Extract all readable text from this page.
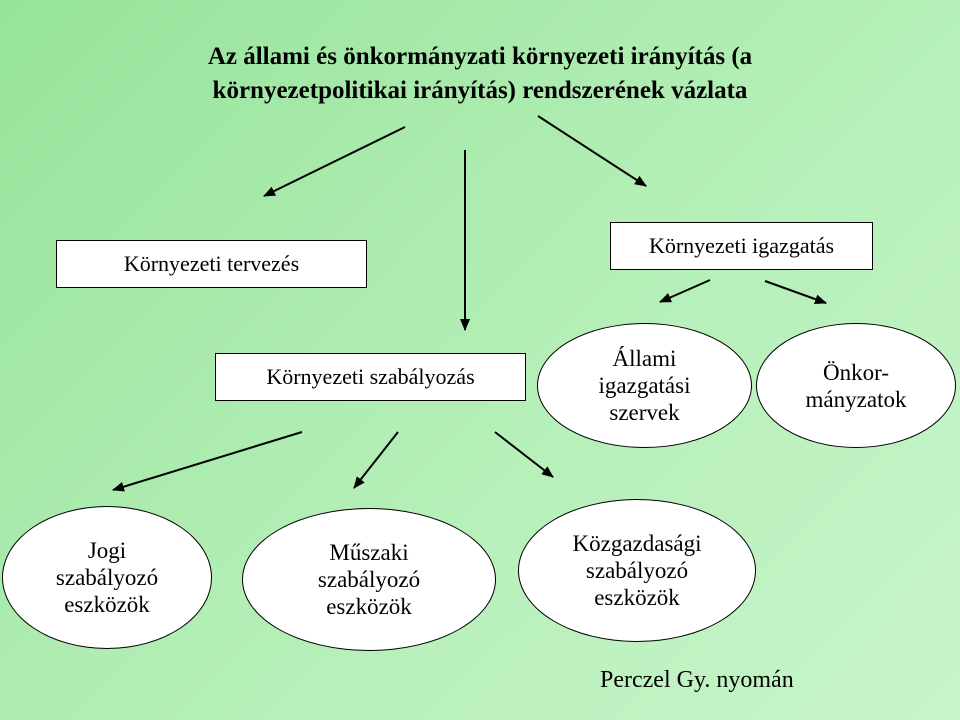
Az állami és önkormányzati környezeti irányítás (a
környezetpolitikai irányítás) rendszerének vázlata
Környezeti tervezés
Környezeti igazgatás
Környezeti szabályozás
Állami
igazgatási
szervek
Önkor-
mányzatok
Jogi
szabályozó
eszközök
Műszaki
szabályozó
eszközök
Közgazdasági
szabályozó
eszközök
Perczel Gy. nyomán
